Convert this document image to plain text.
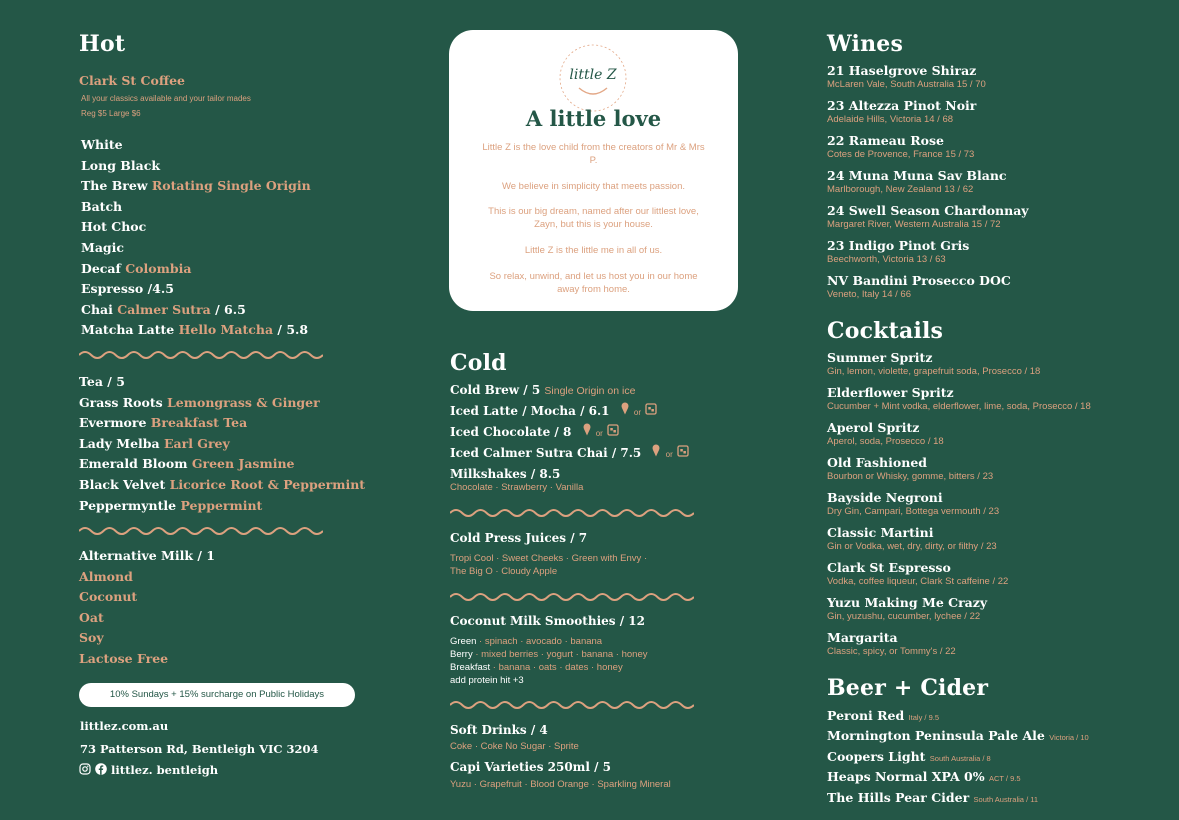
Hot
Clark St Coffee
All your classics available and your tailor mades
Reg $5 Large $6
White
Long Black
The Brew Rotating Single Origin
Batch
Hot Choc
Magic
Decaf Colombia
Espresso /4.5
Chai Calmer Sutra / 6.5
Matcha Latte Hello Matcha / 5.8
Tea / 5
Grass Roots Lemongrass & Ginger
Evermore Breakfast Tea
Lady Melba Earl Grey
Emerald Bloom Green Jasmine
Black Velvet Licorice Root & Peppermint
Peppermyntle Peppermint
Alternative Milk / 1
Almond
Coconut
Oat
Soy
Lactose Free
10% Sundays + 15% surcharge on Public Holidays
littlez.com.au
73 Patterson Rd, Bentleigh VIC 3204
littlez. bentleigh
little Z
A little love

Little Z is the love child from the creators of Mr & Mrs P.

We believe in simplicity that meets passion.

This is our big dream, named after our littlest love, Zayn, but this is your house.

Little Z is the little me in all of us.

So relax, unwind, and let us host you in our home away from home.

Cold
Cold Brew / 5 Single Origin on ice
Iced Latte / Mocha / 6.1	or
Iced Chocolate / 8	or
Iced Calmer Sutra Chai / 7.5	or
Milkshakes / 8.5
Chocolate · Strawberry · Vanilla
Cold Press Juices / 7
Tropi Cool · Sweet Cheeks · Green with Envy ·
The Big O · Cloudy Apple
Coconut Milk Smoothies / 12
Green · spinach · avocado · banana
Berry · mixed berries · yogurt · banana · honey
Breakfast · banana · oats · dates · honey
add protein hit +3
Soft Drinks / 4
Coke · Coke No Sugar · Sprite
Capi Varieties 250ml / 5
Yuzu · Grapefruit · Blood Orange · Sparkling Mineral
Wines
21 Haselgrove Shiraz
McLaren Vale, South Australia 15 / 70
23 Altezza Pinot Noir
Adelaide Hills, Victoria 14 / 68
22 Rameau Rose
Cotes de Provence, France 15 / 73
24 Muna Muna Sav Blanc
Marlborough, New Zealand 13 / 62
24 Swell Season Chardonnay
Margaret River, Western Australia 15 / 72
23 Indigo Pinot Gris
Beechworth, Victoria 13 / 63
NV Bandini Prosecco DOC
Veneto, Italy 14 / 66
Cocktails
Summer Spritz
Gin, lemon, violette, grapefruit soda, Prosecco / 18
Elderflower Spritz
Cucumber + Mint vodka, elderflower, lime, soda, Prosecco / 18
Aperol Spritz
Aperol, soda, Prosecco / 18
Old Fashioned
Bourbon or Whisky, gomme, bitters / 23
Bayside Negroni
Dry Gin, Campari, Bottega vermouth / 23
Classic Martini
Gin or Vodka, wet, dry, dirty, or filthy / 23
Clark St Espresso
Vodka, coffee liqueur, Clark St caffeine / 22
Yuzu Making Me Crazy
Gin, yuzushu, cucumber, lychee / 22
Margarita
Classic, spicy, or Tommy's / 22
Beer + Cider
Peroni Red Italy / 9.5
Mornington Peninsula Pale Ale Victoria / 10
Coopers Light South Australia / 8
Heaps Normal XPA 0% ACT / 9.5
The Hills Pear Cider South Australia / 11
